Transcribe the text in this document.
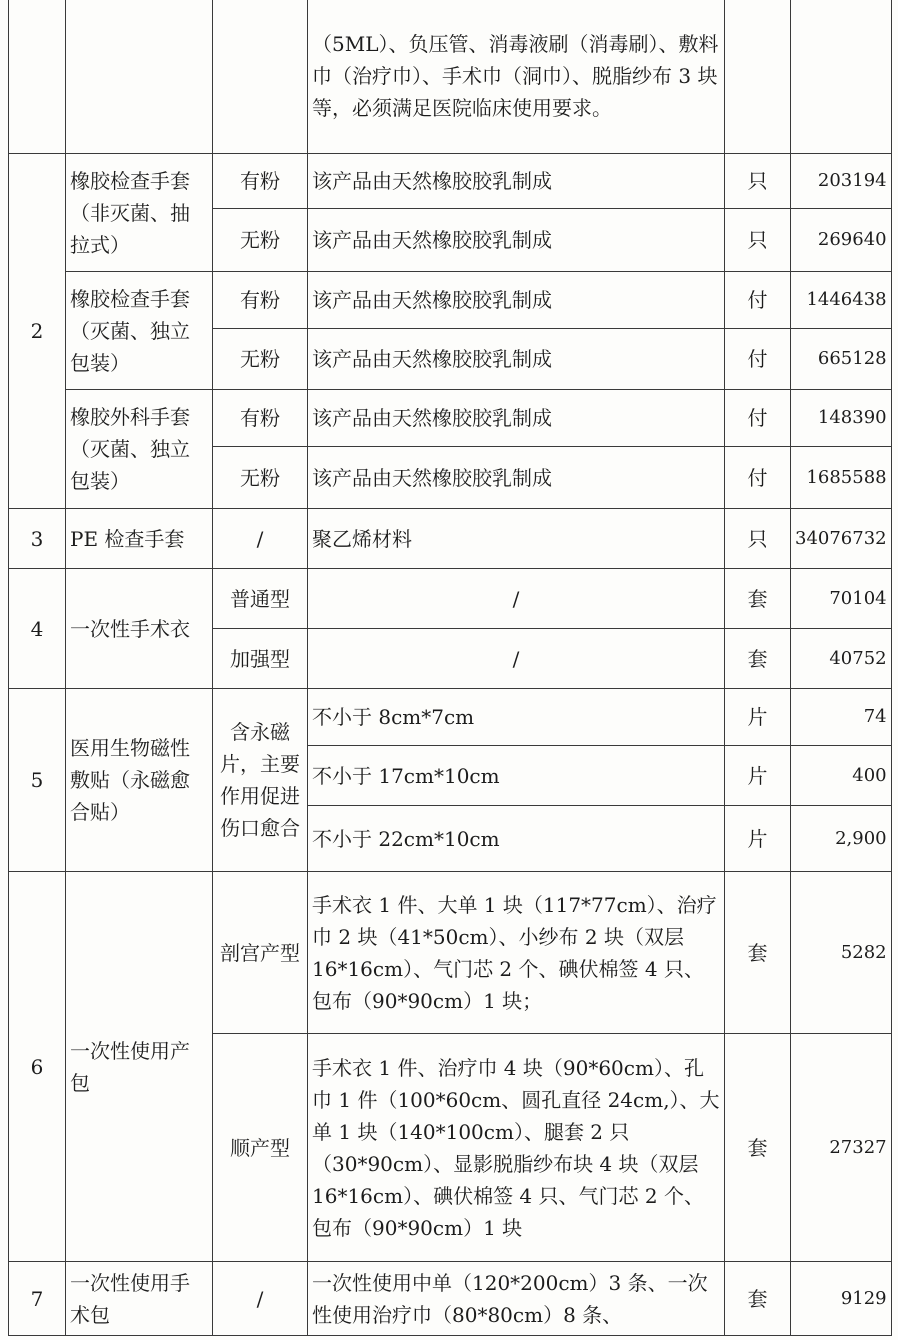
			（5ML）、负压管、消毒液刷（消毒刷）、敷料巾（治疗巾）、手术巾（洞巾）、脱脂纱布 3 块等，必须满足医院临床使用要求。		
2	橡胶检查手套（非灭菌、抽拉式）	有粉	该产品由天然橡胶胶乳制成	只	203194
		无粉	该产品由天然橡胶胶乳制成	只	269640
	橡胶检查手套（灭菌、独立包装）	有粉	该产品由天然橡胶胶乳制成	付	1446438
		无粉	该产品由天然橡胶胶乳制成	付	665128
	橡胶外科手套（灭菌、独立包装）	有粉	该产品由天然橡胶胶乳制成	付	148390
		无粉	该产品由天然橡胶胶乳制成	付	1685588
3	PE 检查手套	/	聚乙烯材料	只	34076732
4	一次性手术衣	普通型	/	套	70104
		加强型	/	套	40752
5	医用生物磁性敷贴（永磁愈合贴）	含永磁片，主要作用促进伤口愈合	不小于 8cm*7cm	片	74
			不小于 17cm*10cm	片	400
			不小于 22cm*10cm	片	2,900
6	一次性使用产包	剖宫产型	手术衣 1 件、大单 1 块（117*77cm）、治疗巾 2 块（41*50cm）、小纱布 2 块（双层 16*16cm）、气门芯 2 个、碘伏棉签 4 只、包布（90*90cm）1 块；	套	5282
		顺产型	手术衣 1 件、治疗巾 4 块（90*60cm）、孔巾 1 件（100*60cm、圆孔直径 24cm,）、大单 1 块（140*100cm）、腿套 2 只（30*90cm）、显影脱脂纱布块 4 块（双层 16*16cm）、碘伏棉签 4 只、气门芯 2 个、包布（90*90cm）1 块	套	27327
7	一次性使用手术包	/	一次性使用中单（120*200cm）3 条、一次性使用治疗巾（80*80cm）8 条、	套	9129
